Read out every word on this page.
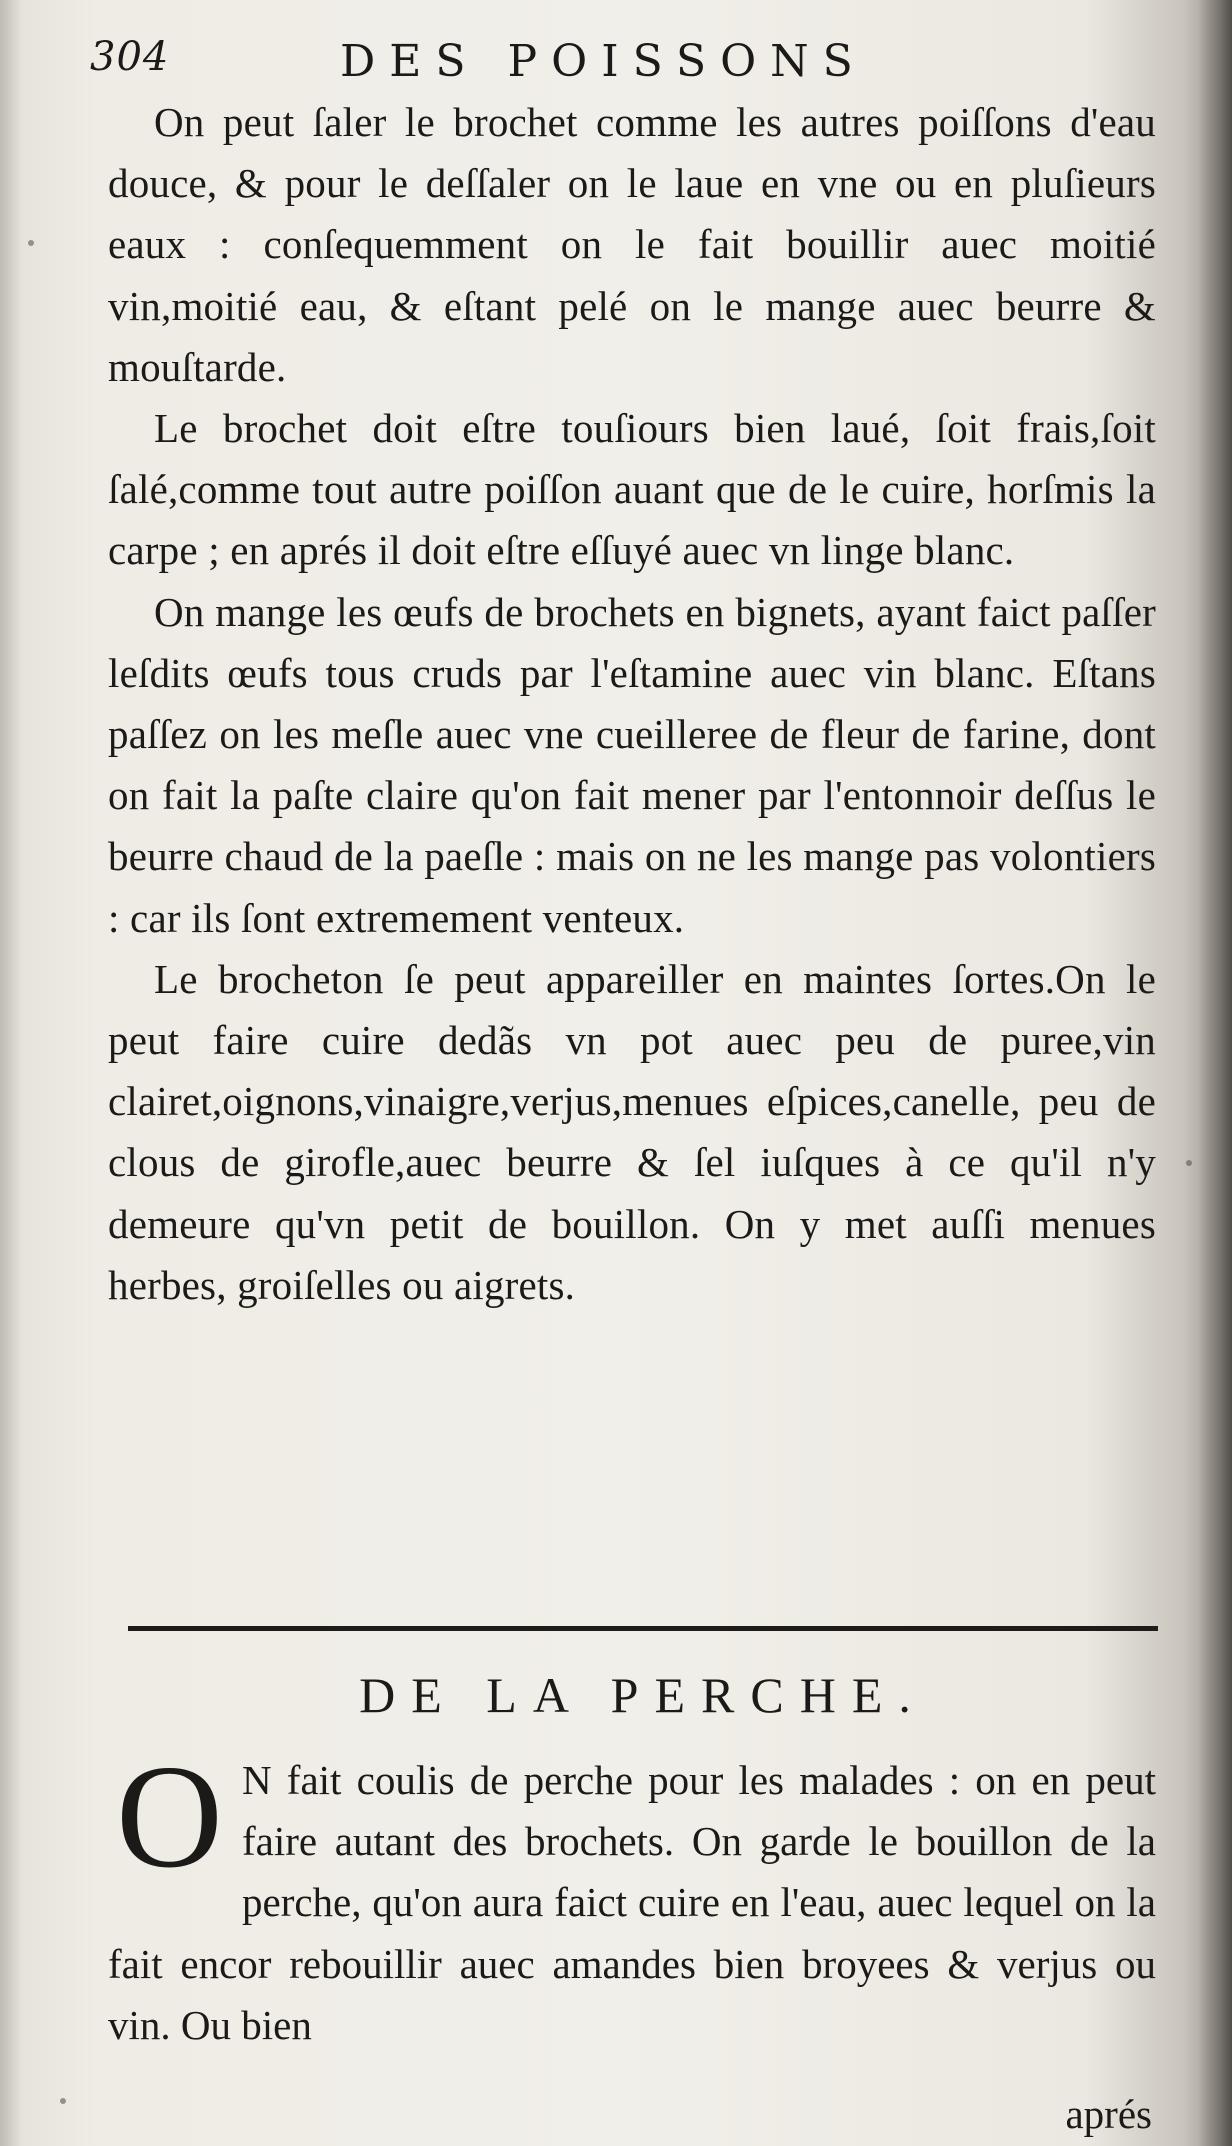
304	DES POISSONS

On peut ſaler le brochet comme les autres poiſſons d'eau douce, & pour le deſſaler on le laue en vne ou en pluſieurs eaux : conſequemment on le fait bouillir auec moitié vin,moitié eau, & eſtant pelé on le mange auec beurre & mouſtarde.

Le brochet doit eſtre touſiours bien laué, ſoit frais,ſoit ſalé,comme tout autre poiſſon auant que de le cuire, horſmis la carpe ; en aprés il doit eſtre eſſuyé auec vn linge blanc.

On mange les œufs de brochets en bignets, ayant faict paſſer leſdits œufs tous cruds par l'eſtamine auec vin blanc. Eſtans paſſez on les meſle auec vne cueilleree de fleur de farine, dont on fait la paſte claire qu'on fait mener par l'entonnoir deſſus le beurre chaud de la paeſle : mais on ne les mange pas volontiers : car ils ſont extremement venteux.

Le brocheton ſe peut appareiller en maintes ſortes.On le peut faire cuire dedãs vn pot auec peu de puree,vin clairet,oignons,vinaigre,verjus,menues eſpices,canelle, peu de clous de girofle,auec beurre & ſel iuſques à ce qu'il n'y demeure qu'vn petit de bouillon. On y met auſſi menues herbes, groiſelles ou aigrets.

DE LA PERCHE.
O N fait coulis de perche pour les malades : on en peut faire autant des brochets. On garde le bouillon de la perche, qu'on aura faict cuire en l'eau, auec lequel on la fait encor rebouillir auec amandes bien broyees & verjus ou vin. Ou bien

aprés
